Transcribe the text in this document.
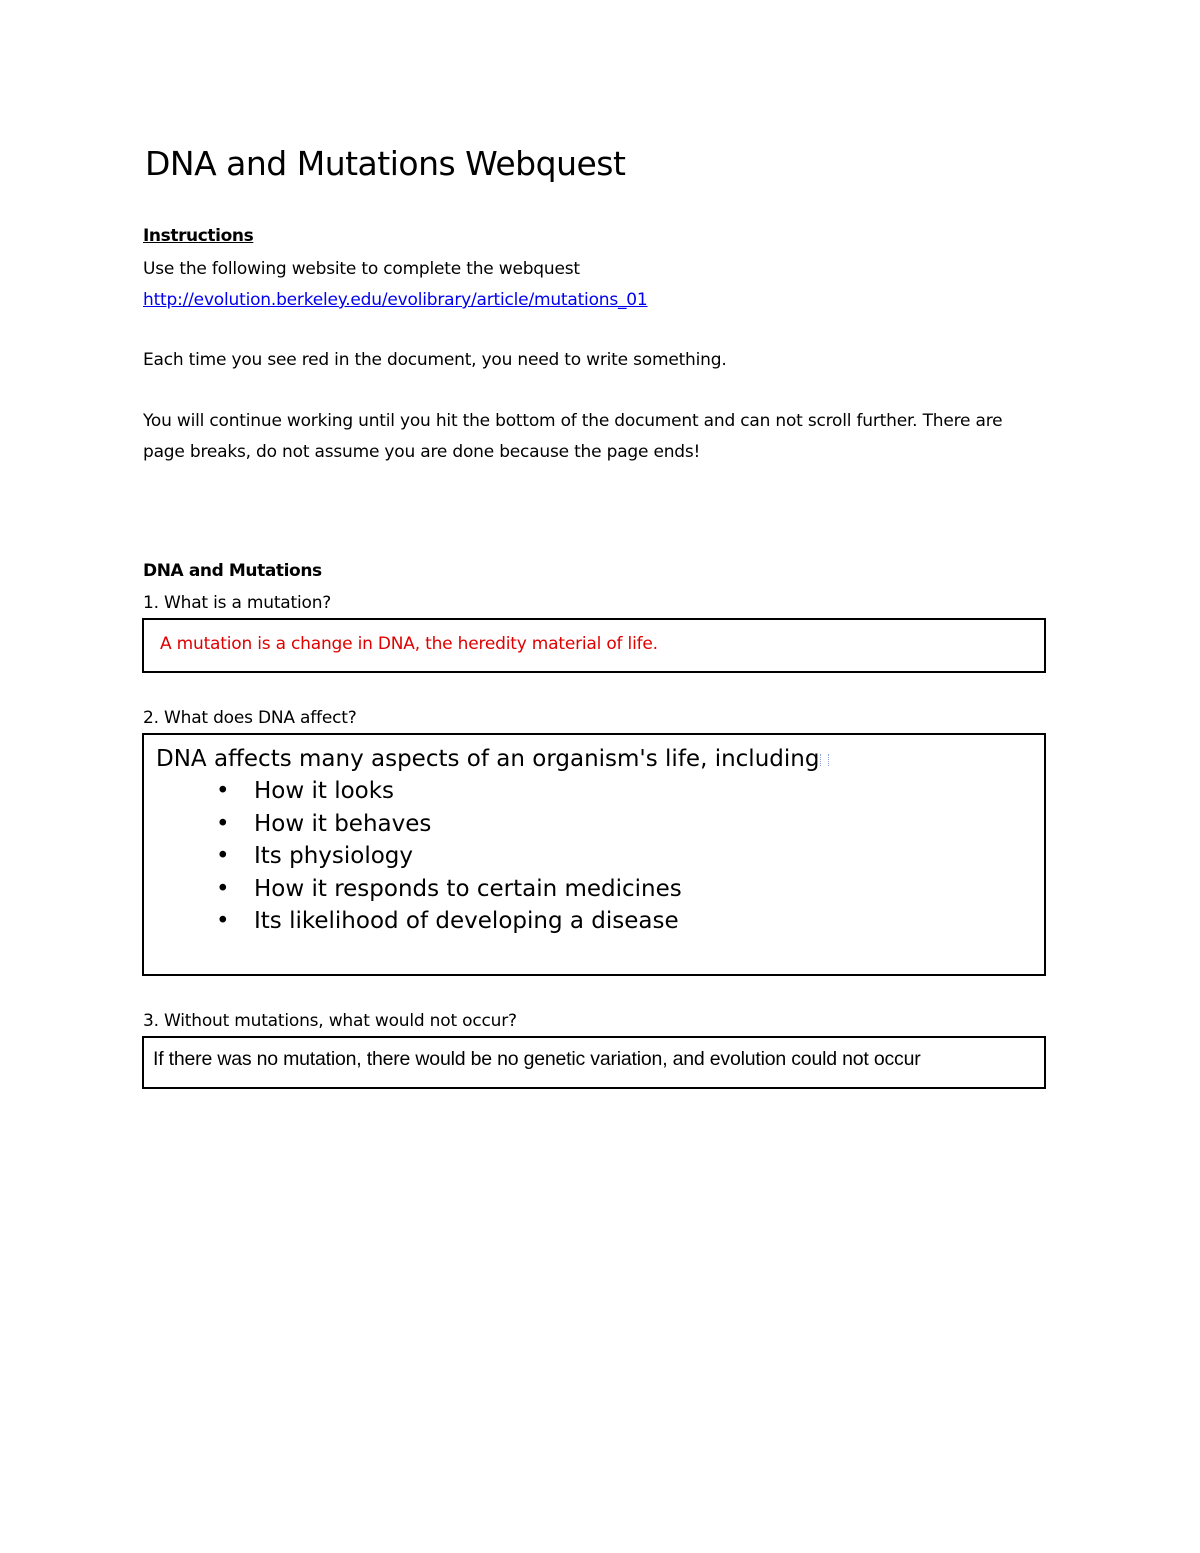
DNA and Mutations Webquest
Instructions
Use the following website to complete the webquest
http://evolution.berkeley.edu/evolibrary/article/mutations_01
Each time you see red in the document, you need to write something.
You will continue working until you hit the bottom of the document and can not scroll further. There are page breaks, do not assume you are done because the page ends!
DNA and Mutations
1. What is a mutation?
A mutation is a change in DNA, the heredity material of life.
2. What does DNA affect?
DNA affects many aspects of an organism's life, including
• How it looks
• How it behaves
• Its physiology
• How it responds to certain medicines
• Its likelihood of developing a disease
3. Without mutations, what would not occur?
If there was no mutation, there would be no genetic variation, and evolution could not occur
